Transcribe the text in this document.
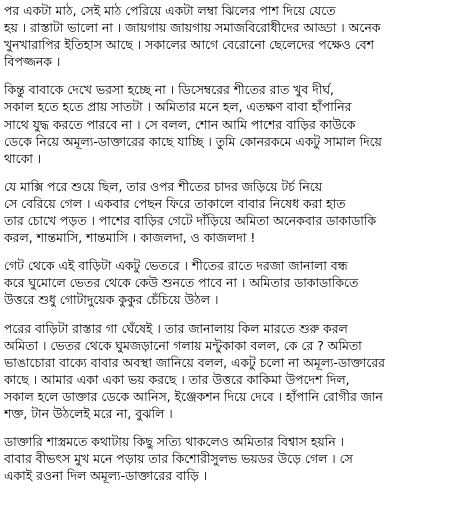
পর একটা মাঠ, সেই মাঠ পেরিয়ে একটা লম্বা ঝিলের পাশ দিয়ে যেতে
হয় । রাস্তাটা ভালো না । জায়গায় জায়গায় সমাজবিরোধীদের আড্ডা । অনেক
খুনখারাপির ইতিহাস আছে । সকালের আগে বেরোনো ছেলেদের পক্ষেও বেশ
বিপজ্জনক ।
কিন্তু বাবাকে দেখে ভরসা হচ্ছে না । ডিসেম্বরের শীতের রাত খুব দীর্ঘ,
সকাল হতে হতে প্রায় সাতটা । অমিতার মনে হল, এতক্ষণ বাবা হাঁপানির
সাথে যুদ্ধ করতে পারবে না । সে বলল, শোন আমি পাশের বাড়ির কাউকে
ডেকে নিয়ে অমূল্য-ডাক্তারের কাছে যাচ্ছি । তুমি কোনরকমে একটু সামাল দিয়ে
থাকো ।
যে মাক্সি পরে শুয়ে ছিল, তার ওপর শীতের চাদর জড়িয়ে টর্চ নিয়ে
সে বেরিয়ে গেল । একবার পেছন ফিরে তাকালে বাবার নিষেধ করা হাত
তার চোখে পড়ত । পাশের বাড়ির গেটে দাঁড়িয়ে অমিতা অনেকবার ডাকাডাকি
করল, শান্তমাসি, শান্তমাসি । কাজলদা, ও কাজলদা !
গেট থেকে এই বাড়িটা একটু ভেতরে । শীতের রাতে দরজা জানালা বন্ধ
করে ঘুমোলে ভেতর থেকে কেউ শুনতে পাবে না । অমিতার ডাকাডাকিতে
উত্তরে শুধু গোটাদুয়েক কুকুর চেঁচিয়ে উঠল ।
পরের বাড়িটা রাস্তার গা ঘেঁষেই । তার জানালায় কিল মারতে শুরু করল
অমিতা । ভেতর থেকে ঘুমজড়ানো গলায় মন্টুকাকা বলল, কে রে ? অমিতা
ভাঙাচোরা বাক্যে বাবার অবস্থা জানিয়ে বলল, একটু চলো না অমূল্য-ডাক্তারের
কাছে । আমার একা একা ভয় করছে । তার উত্তরে কাকিমা উপদেশ দিল,
সকাল হলে ডাক্তার ডেকে আনিস, ইঞ্জেকশন দিয়ে দেবে । হাঁপানি রোগীর জান
শক্ত, টান উঠলেই মরে না, বুঝলি ।
ডাক্তারি শাস্ত্রমতে কথাটায় কিছু সত্যি থাকলেও অমিতার বিশ্বাস হয়নি ।
বাবার বীভৎস মুখ মনে পড়ায় তার কিশোরীসুলভ ভয়ডর উড়ে গেল । সে
একাই রওনা দিল অমূল্য-ডাক্তারের বাড়ি ।
